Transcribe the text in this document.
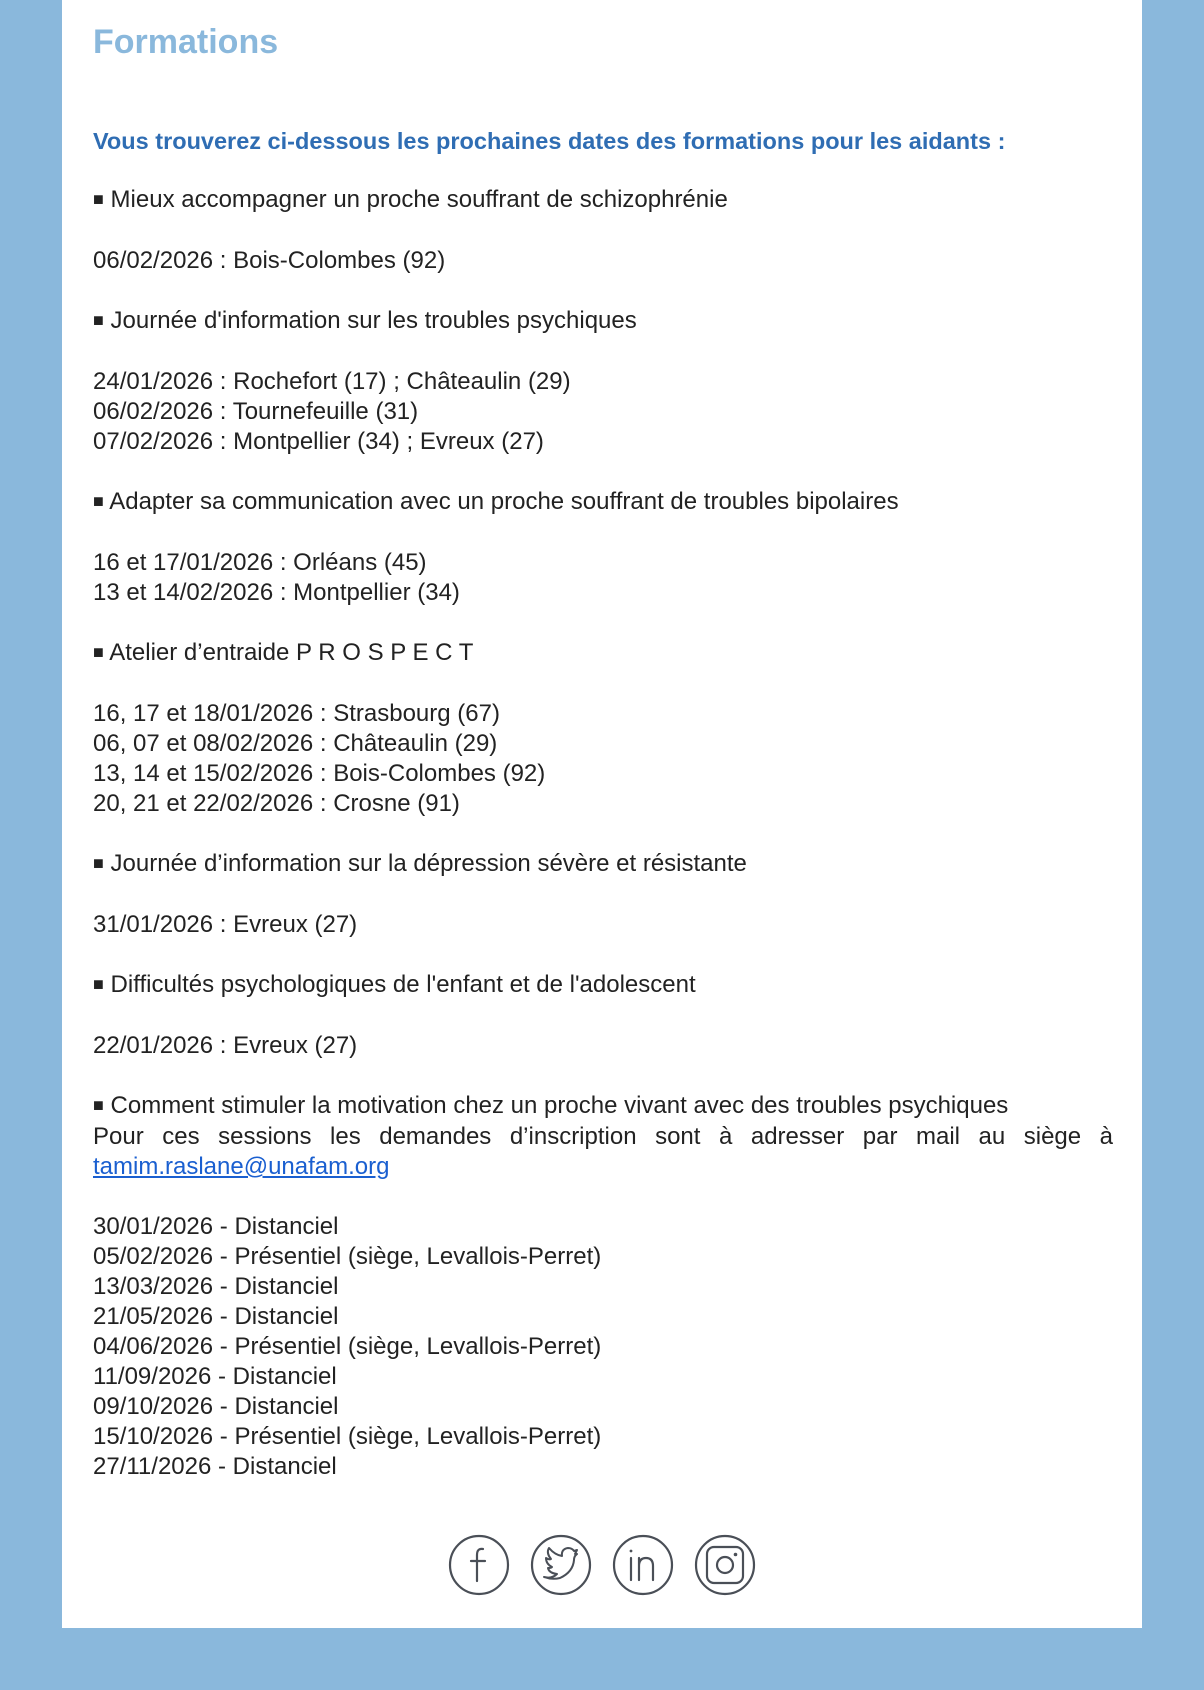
Formations

Vous trouverez ci-dessous les prochaines dates des formations pour les aidants :

■ Mieux accompagner un proche souffrant de schizophrénie

06/02/2026 : Bois-Colombes (92)

■ Journée d'information sur les troubles psychiques

24/01/2026 : Rochefort (17) ; Châteaulin (29)
06/02/2026 : Tournefeuille (31)
07/02/2026 : Montpellier (34) ; Evreux (27)

■ Adapter sa communication avec un proche souffrant de troubles bipolaires

16 et 17/01/2026 : Orléans (45)
13 et 14/02/2026 : Montpellier (34)

■ Atelier d’entraide P R O S P E C T

16, 17 et 18/01/2026 : Strasbourg (67)
06, 07 et 08/02/2026 : Châteaulin (29)
13, 14 et 15/02/2026 : Bois-Colombes (92)
20, 21 et 22/02/2026 : Crosne (91)

■ Journée d’information sur la dépression sévère et résistante

31/01/2026 : Evreux (27)

■ Difficultés psychologiques de l'enfant et de l'adolescent

22/01/2026 : Evreux (27)

■ Comment stimuler la motivation chez un proche vivant avec des troubles psychiques

Pour ces sessions les demandes d’inscription sont à adresser par mail au siège à tamim.raslane@unafam.org

30/01/2026 - Distanciel
05/02/2026 - Présentiel (siège, Levallois-Perret)
13/03/2026 - Distanciel
21/05/2026 - Distanciel
04/06/2026 - Présentiel (siège, Levallois-Perret)
11/09/2026 - Distanciel
09/10/2026 - Distanciel
15/10/2026 - Présentiel (siège, Levallois-Perret)
27/11/2026 - Distanciel
